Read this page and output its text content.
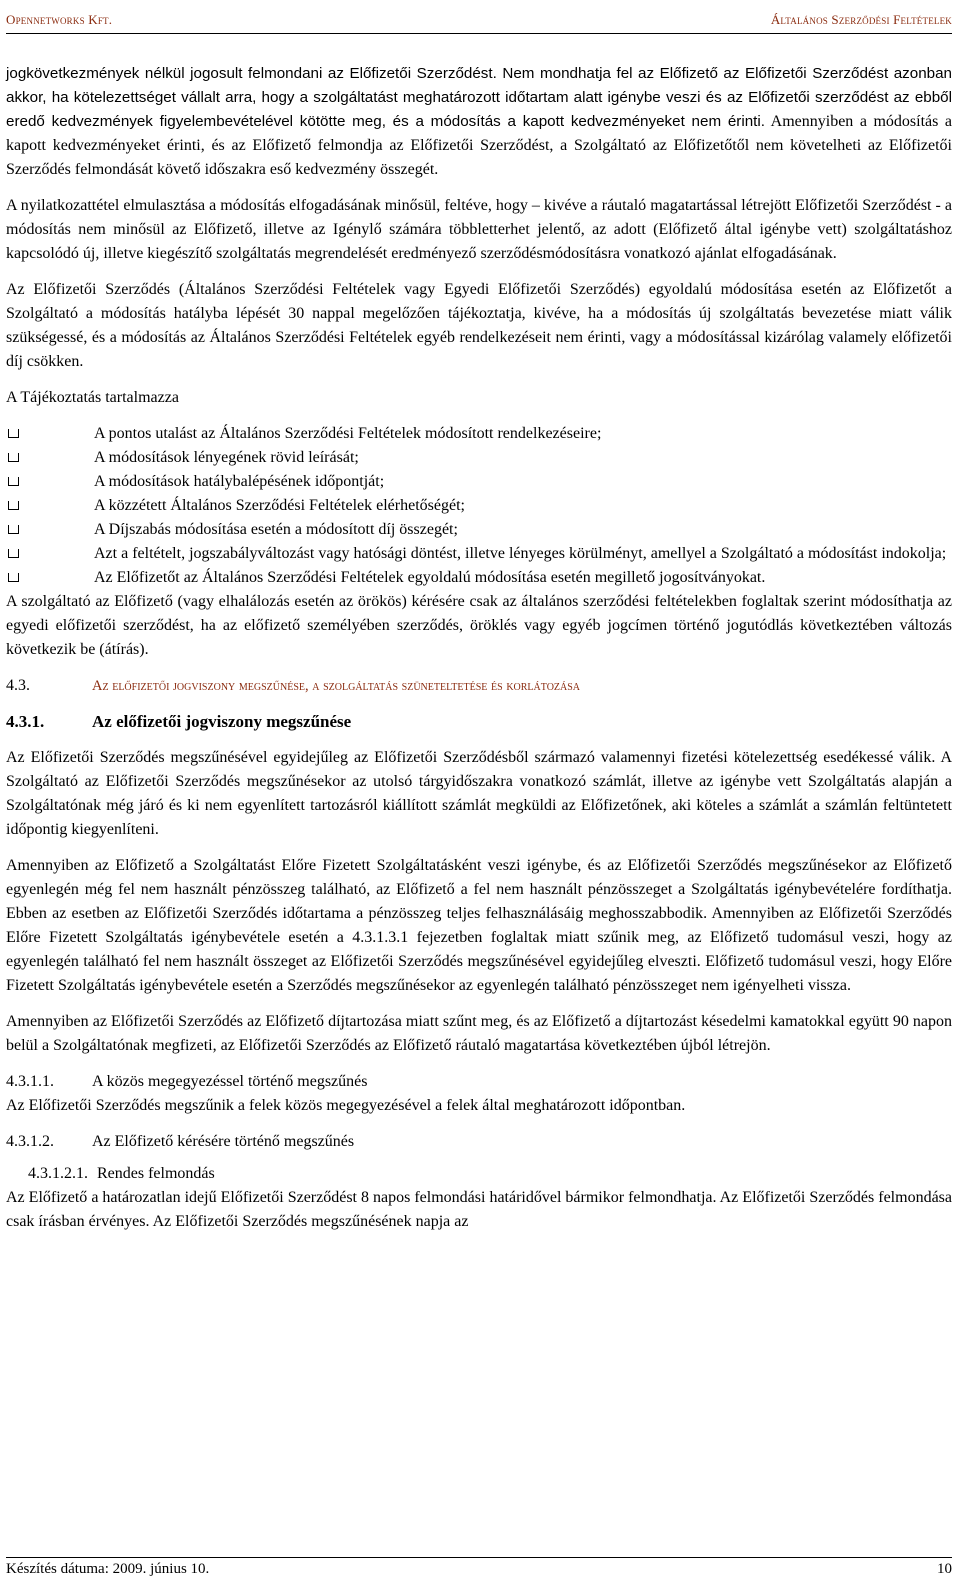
Opennetworks Kft.	Általános Szerződési Feltételek

jogkövetkezmények nélkül jogosult felmondani az Előfizetői Szerződést. Nem mondhatja fel az Előfizető az Előfizetői Szerződést azonban akkor, ha kötelezettséget vállalt arra, hogy a szolgáltatást meghatározott időtartam alatt igénybe veszi és az Előfizetői szerződést az ebből eredő kedvezmények figyelembevételével kötötte meg, és a módosítás a kapott kedvezményeket nem érinti. Amennyiben a módosítás a kapott kedvezményeket érinti, és az Előfizető felmondja az Előfizetői Szerződést, a Szolgáltató az Előfizetőtől nem követelheti az Előfizetői Szerződés felmondását követő időszakra eső kedvezmény összegét.

A nyilatkozattétel elmulasztása a módosítás elfogadásának minősül, feltéve, hogy – kivéve a ráutaló magatartással létrejött Előfizetői Szerződést - a módosítás nem minősül az Előfizető, illetve az Igénylő számára többletterhet jelentő, az adott (Előfizető által igénybe vett) szolgáltatáshoz kapcsolódó új, illetve kiegészítő szolgáltatás megrendelését eredményező szerződésmódosításra vonatkozó ajánlat elfogadásának.

Az Előfizetői Szerződés (Általános Szerződési Feltételek vagy Egyedi Előfizetői Szerződés) egyoldalú módosítása esetén az Előfizetőt a Szolgáltató a módosítás hatályba lépését 30 nappal megelőzően tájékoztatja, kivéve, ha a módosítás új szolgáltatás bevezetése miatt válik szükségessé, és a módosítás az Általános Szerződési Feltételek egyéb rendelkezéseit nem érinti, vagy a módosítással kizárólag valamely előfizetői díj csökken.

A Tájékoztatás tartalmazza

A pontos utalást az Általános Szerződési Feltételek módosított rendelkezéseire;
A módosítások lényegének rövid leírását;
A módosítások hatálybalépésének időpontját;
A közzétett Általános Szerződési Feltételek elérhetőségét;
A Díjszabás módosítása esetén a módosított díj összegét;
Azt a feltételt, jogszabályváltozást vagy hatósági döntést, illetve lényeges körülményt, amellyel a Szolgáltató a módosítást indokolja;
Az Előfizetőt az Általános Szerződési Feltételek egyoldalú módosítása esetén megillető jogosítványokat.

A szolgáltató az Előfizető (vagy elhalálozás esetén az örökös) kérésére csak az általános szerződési feltételekben foglaltak szerint módosíthatja az egyedi előfizetői szerződést, ha az előfizető személyében szerződés, öröklés vagy egyéb jogcímen történő jogutódlás következtében változás következik be (átírás).

4.3.	Az előfizetői jogviszony megszűnése, a szolgáltatás szüneteltetése és korlátozása
4.3.1.	Az előfizetői jogviszony megszűnése

Az Előfizetői Szerződés megszűnésével egyidejűleg az Előfizetői Szerződésből származó valamennyi fizetési kötelezettség esedékessé válik. A Szolgáltató az Előfizetői Szerződés megszűnésekor az utolsó tárgyidőszakra vonatkozó számlát, illetve az igénybe vett Szolgáltatás alapján a Szolgáltatónak még járó és ki nem egyenlített tartozásról kiállított számlát megküldi az Előfizetőnek, aki köteles a számlát a számlán feltüntetett időpontig kiegyenlíteni.

Amennyiben az Előfizető a Szolgáltatást Előre Fizetett Szolgáltatásként veszi igénybe, és az Előfizetői Szerződés megszűnésekor az Előfizető egyenlegén még fel nem használt pénzösszeg található, az Előfizető a fel nem használt pénzösszeget a Szolgáltatás igénybevételére fordíthatja. Ebben az esetben az Előfizetői Szerződés időtartama a pénzösszeg teljes felhasználásáig meghosszabbodik. Amennyiben az Előfizetői Szerződés Előre Fizetett Szolgáltatás igénybevétele esetén a 4.3.1.3.1 fejezetben foglaltak miatt szűnik meg, az Előfizető tudomásul veszi, hogy az egyenlegén található fel nem használt összeget az Előfizetői Szerződés megszűnésével egyidejűleg elveszti. Előfizető tudomásul veszi, hogy Előre Fizetett Szolgáltatás igénybevétele esetén a Szerződés megszűnésekor az egyenlegén található pénzösszeget nem igényelheti vissza.

Amennyiben az Előfizetői Szerződés az Előfizető díjtartozása miatt szűnt meg, és az Előfizető a díjtartozást késedelmi kamatokkal együtt 90 napon belül a Szolgáltatónak megfizeti, az Előfizetői Szerződés az Előfizető ráutaló magatartása következtében újból létrejön.

4.3.1.1.	A közös megegyezéssel történő megszűnés

Az Előfizetői Szerződés megszűnik a felek közös megegyezésével a felek által meghatározott időpontban.

4.3.1.2.	Az Előfizető kérésére történő megszűnés
4.3.1.2.1. Rendes felmondás

Az Előfizető a határozatlan idejű Előfizetői Szerződést 8 napos felmondási határidővel bármikor felmondhatja. Az Előfizetői Szerződés felmondása csak írásban érvényes. Az Előfizetői Szerződés megszűnésének napja az

Készítés dátuma: 2009. június 10.	10
